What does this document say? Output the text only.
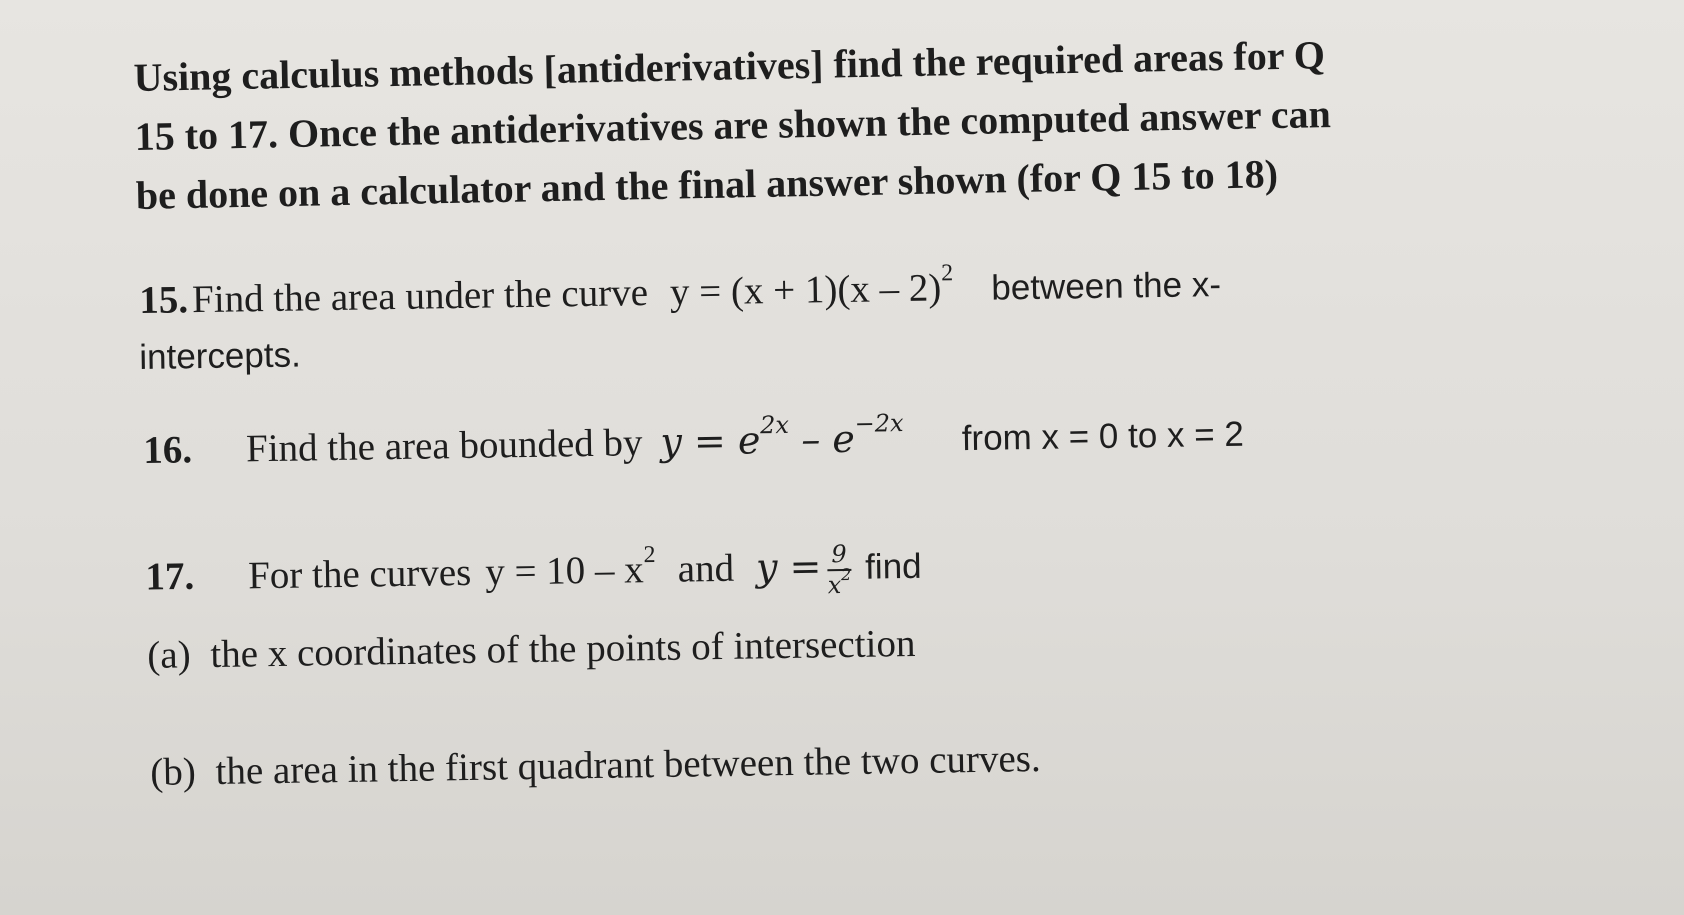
Using calculus methods [antiderivatives] find the required areas for Q
15 to 17. Once the antiderivatives are shown the computed answer can
be done on a calculator and the final answer shown (for Q 15 to 18)
15. Find the area under the curve y = (x + 1)(x – 2)$^2$ between the x-
intercepts.
16. Find the area bounded by $y = e^{2x} - e^{-2x}$ from x = 0 to x = 2
17. For the curves $y = 10 - x^2$ and $y = \frac{9}{x^2}$ find
(a) the x coordinates of the points of intersection
(b) the area in the first quadrant between the two curves.
